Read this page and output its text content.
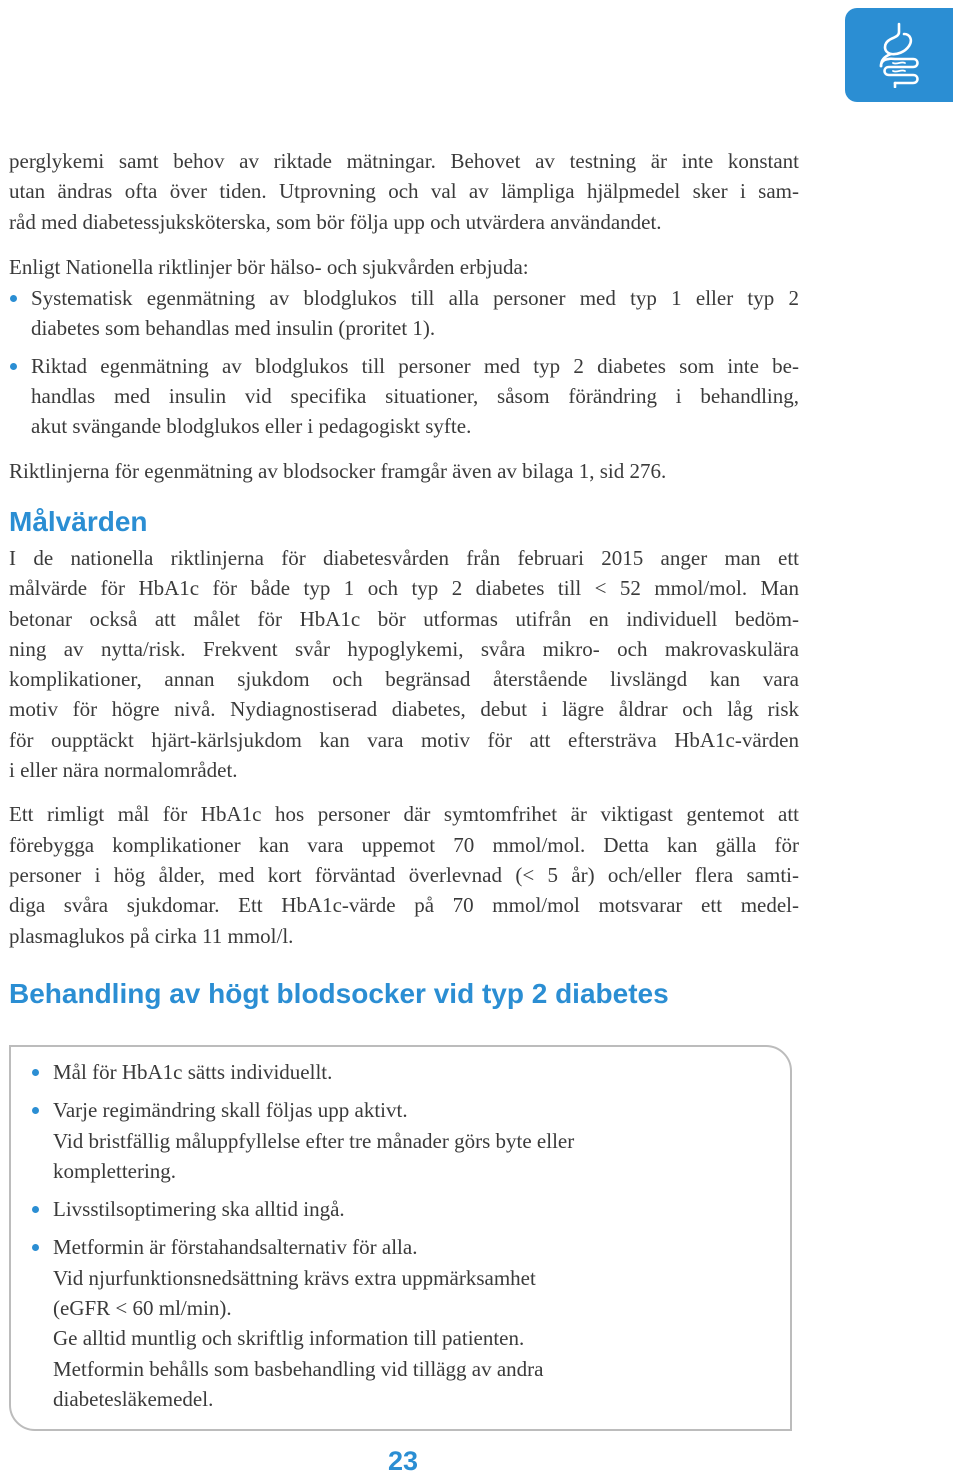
perglykemi samt behov av riktade mätningar. Behovet av testning är inte konstant

utan ändras ofta över tiden. Utprovning och val av lämpliga hjälpmedel sker i sam-

råd med diabetessjuksköterska, som bör följa upp och utvärdera användandet.

Enligt Nationella riktlinjer bör hälso- och sjukvården erbjuda:

Systematisk egenmätning av blodglukos till alla personer med typ 1 eller typ 2

diabetes som behandlas med insulin (proritet 1).

Riktad egenmätning av blodglukos till personer med typ 2 diabetes som inte be-

handlas med insulin vid specifika situationer, såsom förändring i behandling,

akut svängande blodglukos eller i pedagogiskt syfte.

Riktlinjerna för egenmätning av blodsocker framgår även av bilaga 1, sid 276.

Målvärden

I de nationella riktlinjerna för diabetesvården från februari 2015 anger man ett

målvärde för HbA1c för både typ 1 och typ 2 diabetes till < 52 mmol/mol. Man

betonar också att målet för HbA1c bör utformas utifrån en individuell bedöm-

ning av nytta/risk. Frekvent svår hypoglykemi, svåra mikro- och makrovaskulära

komplikationer, annan sjukdom och begränsad återstående livslängd kan vara

motiv för högre nivå. Nydiagnostiserad diabetes, debut i lägre åldrar och låg risk

för oupptäckt hjärt-kärlsjukdom kan vara motiv för att eftersträva HbA1c-värden

i eller nära normalområdet.

Ett rimligt mål för HbA1c hos personer där symtomfrihet är viktigast gentemot att

förebygga komplikationer kan vara uppemot 70 mmol/mol. Detta kan gälla för

personer i hög ålder, med kort förväntad överlevnad (< 5 år) och/eller flera samti-

diga svåra sjukdomar. Ett HbA1c-värde på 70 mmol/mol motsvarar ett medel-

plasmaglukos på cirka 11 mmol/l.

Behandling av högt blodsocker vid typ 2 diabetes
Mål för HbA1c sätts individuellt.
Varje regimändring skall följas upp aktivt.
Vid bristfällig måluppfyllelse efter tre månader görs byte eller
komplettering.
Livsstilsoptimering ska alltid ingå.
Metformin är förstahandsalternativ för alla.
Vid njurfunktionsnedsättning krävs extra uppmärksamhet
(eGFR < 60 ml/min).
Ge alltid muntlig och skriftlig information till patienten.
Metformin behålls som basbehandling vid tillägg av andra
diabetesläkemedel.
23
